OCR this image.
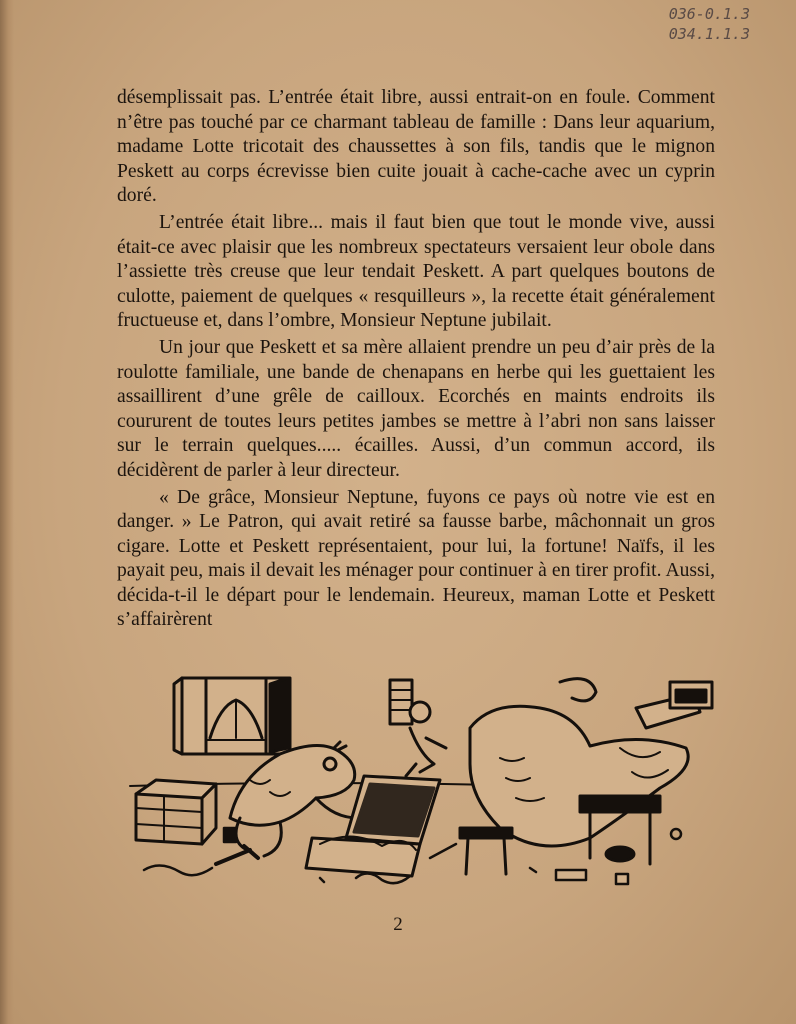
036-0.1.3
034.1.1.3

désemplissait pas. L’entrée était libre, aussi entrait-on en foule. Comment n’être pas touché par ce charmant tableau de famille : Dans leur aquarium, madame Lotte tricotait des chaussettes à son fils, tandis que le mignon Peskett au corps écrevisse bien cuite jouait à cache-cache avec un cyprin doré.

L’entrée était libre... mais il faut bien que tout le monde vive, aussi était-ce avec plaisir que les nombreux spectateurs versaient leur obole dans l’assiette très creuse que leur tendait Peskett. A part quelques boutons de culotte, paiement de quelques « resquilleurs », la recette était généralement fructueuse et, dans l’ombre, Monsieur Neptune jubilait.

Un jour que Peskett et sa mère allaient prendre un peu d’air près de la roulotte familiale, une bande de chenapans en herbe qui les guettaient les assaillirent d’une grêle de cailloux. Ecorchés en maints endroits ils coururent de toutes leurs petites jambes se mettre à l’abri non sans laisser sur le terrain quelques..... écailles. Aussi, d’un commun accord, ils décidèrent de parler à leur directeur.

« De grâce, Monsieur Neptune, fuyons ce pays où notre vie est en danger. » Le Patron, qui avait retiré sa fausse barbe, mâchonnait un gros cigare. Lotte et Peskett représentaient, pour lui, la fortune! Naïfs, il les payait peu, mais il devait les ménager pour continuer à en tirer profit. Aussi, décida-t-il le départ pour le lendemain. Heureux, maman Lotte et Peskett s’affairèrent

2
